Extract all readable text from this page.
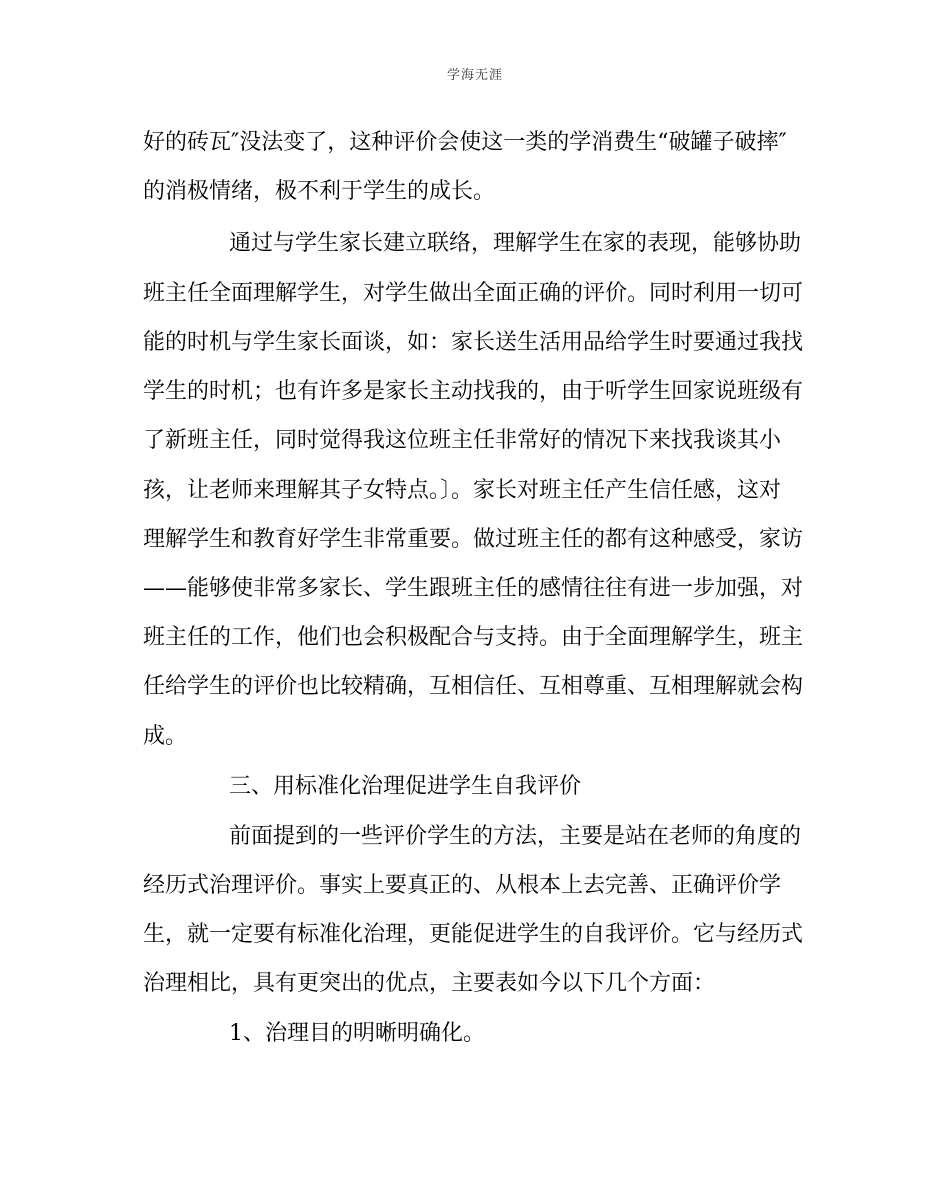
学海无涯
好的砖瓦″没法变了，这种评价会使这一类的学消费生“破罐子破摔″
的消极情绪，极不利于学生的成长。
通过与学生家长建立联络，理解学生在家的表现，能够协助
班主任全面理解学生，对学生做出全面正确的评价。同时利用一切可
能的时机与学生家长面谈，如：家长送生活用品给学生时要通过我找
学生的时机；也有许多是家长主动找我的，由于听学生回家说班级有
了新班主任，同时觉得我这位班主任非常好的情况下来找我谈其小
孩，让老师来理解其子女特点。〕。家长对班主任产生信任感，这对
理解学生和教育好学生非常重要。做过班主任的都有这种感受，家访
——能够使非常多家长、学生跟班主任的感情往往有进一步加强，对
班主任的工作，他们也会积极配合与支持。由于全面理解学生，班主
任给学生的评价也比较精确，互相信任、互相尊重、互相理解就会构
成。
三、用标准化治理促进学生自我评价
前面提到的一些评价学生的方法，主要是站在老师的角度的
经历式治理评价。事实上要真正的、从根本上去完善、正确评价学
生，就一定要有标准化治理，更能促进学生的自我评价。它与经历式
治理相比，具有更突出的优点，主要表如今以下几个方面：
1、治理目的明晰明确化。
